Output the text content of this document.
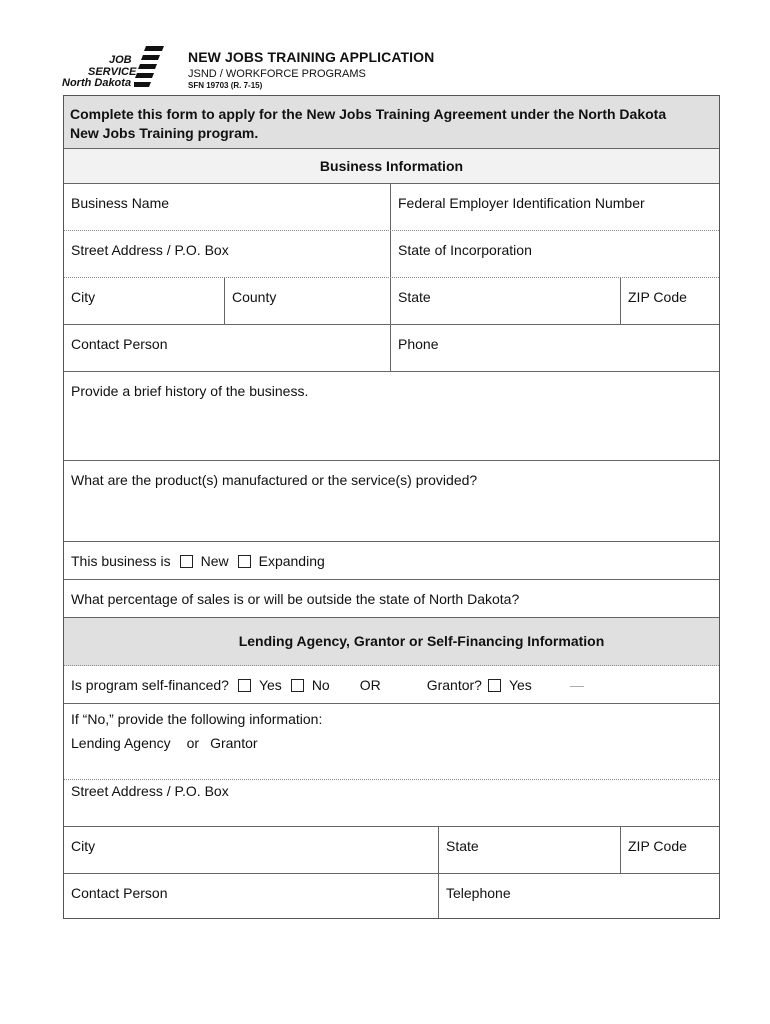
JOB
SERVICE
North Dakota
NEW JOBS TRAINING APPLICATION
JSND / WORKFORCE PROGRAMS
SFN 19703 (R. 7-15)
Complete this form to apply for the New Jobs Training Agreement under the North Dakota New Jobs Training program.
Business Information
Business Name	Federal Employer Identification Number
Street Address / P.O. Box	State of Incorporation
City	County	State	ZIP Code
Contact Person	Phone
Provide a brief history of the business.
What are the product(s) manufactured or the service(s) provided?
This business is New Expanding
What percentage of sales is or will be outside the state of North Dakota?
Lending Agency, Grantor or Self-Financing Information
Is program self-financed? Yes No OR	Grantor? Yes
If “No,” provide the following information:
Lending Agency or Grantor
Street Address / P.O. Box
City	State	ZIP Code
Contact Person	Telephone
